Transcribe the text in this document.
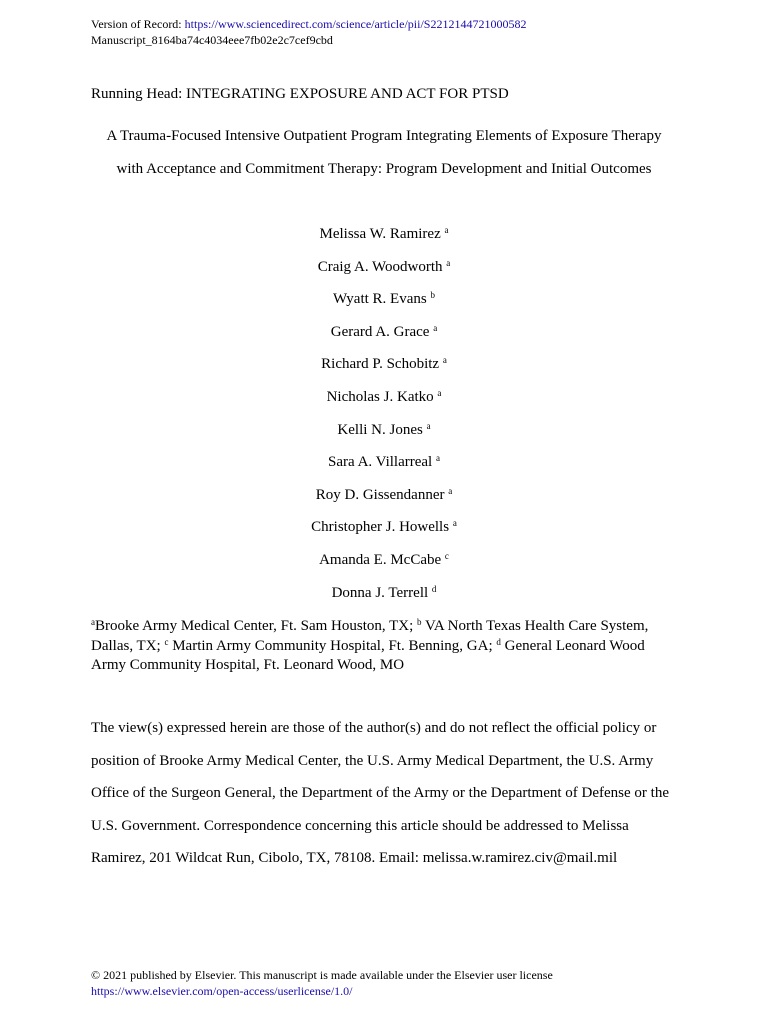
Version of Record: https://www.sciencedirect.com/science/article/pii/S2212144721000582
Manuscript_8164ba74c4034eee7fb02e2c7cef9cbd
Running Head: INTEGRATING EXPOSURE AND ACT FOR PTSD
A Trauma-Focused Intensive Outpatient Program Integrating Elements of Exposure Therapy
with Acceptance and Commitment Therapy: Program Development and Initial Outcomes
Melissa W. Ramirez $^a$
Craig A. Woodworth $^a$
Wyatt R. Evans $^b$
Gerard A. Grace $^a$
Richard P. Schobitz $^a$
Nicholas J. Katko $^a$
Kelli N. Jones $^a$
Sara A. Villarreal $^a$
Roy D. Gissendanner $^a$
Christopher J. Howells $^a$
Amanda E. McCabe $^c$
Donna J. Terrell $^d$
$^a$Brooke Army Medical Center, Ft. Sam Houston, TX; $^b$ VA North Texas Health Care System, Dallas, TX; $^c$ Martin Army Community Hospital, Ft. Benning, GA; $^d$ General Leonard Wood Army Community Hospital, Ft. Leonard Wood, MO
The view(s) expressed herein are those of the author(s) and do not reflect the official policy or
position of Brooke Army Medical Center, the U.S. Army Medical Department, the U.S. Army
Office of the Surgeon General, the Department of the Army or the Department of Defense or the
U.S. Government. Correspondence concerning this article should be addressed to Melissa
Ramirez, 201 Wildcat Run, Cibolo, TX, 78108. Email: melissa.w.ramirez.civ@mail.mil
© 2021 published by Elsevier. This manuscript is made available under the Elsevier user license
https://www.elsevier.com/open-access/userlicense/1.0/
